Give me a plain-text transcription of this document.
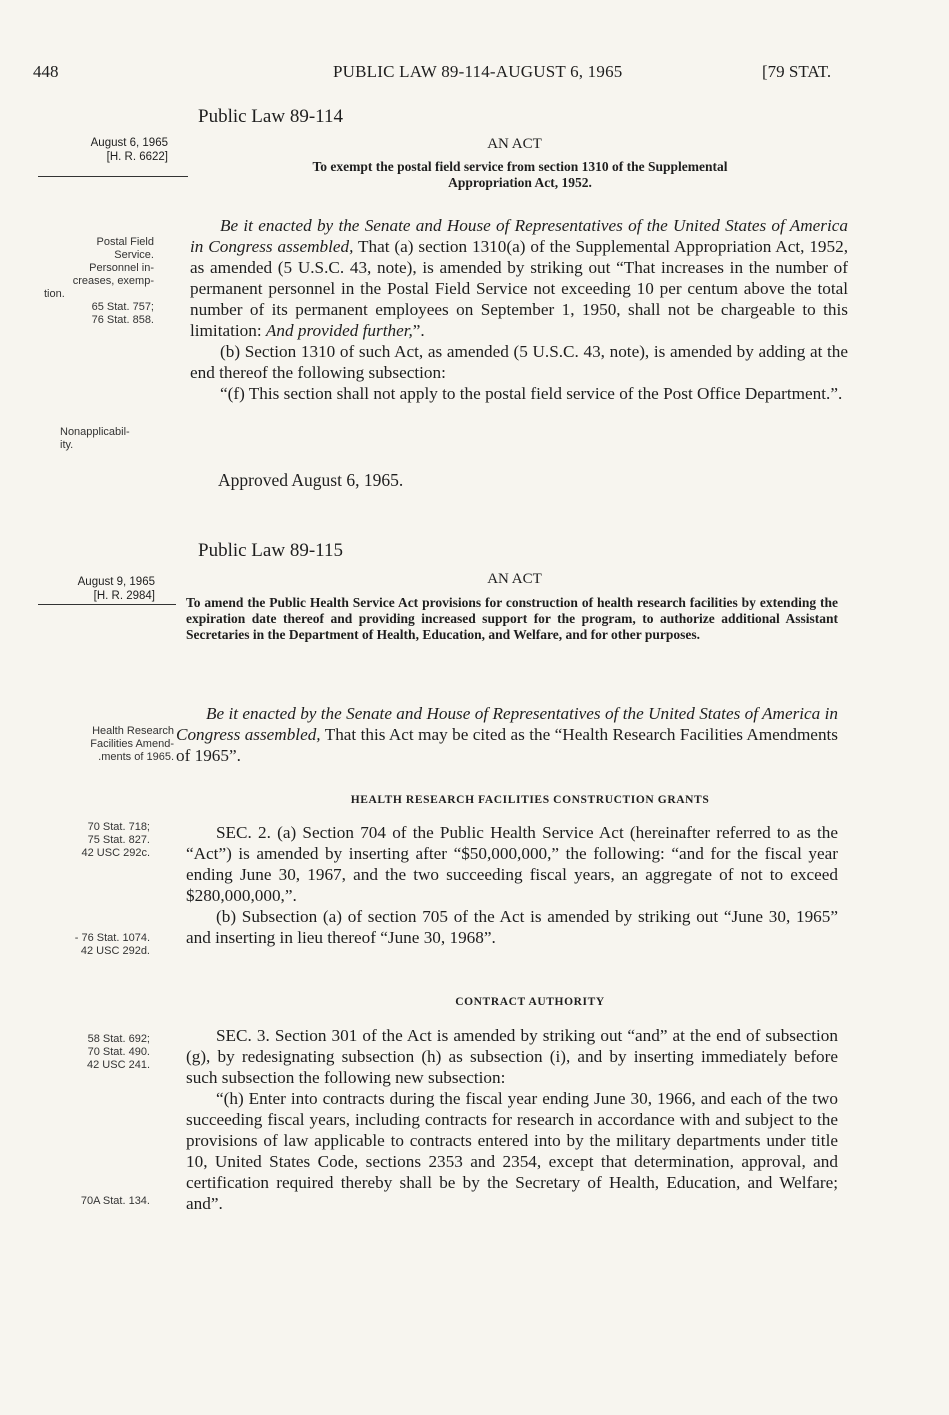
448	PUBLIC LAW 89-114-AUGUST 6, 1965	[79 STAT.
Public Law 89-114
August 6, 1965
[H. R. 6622]
AN ACT
To exempt the postal field service from section 1310 of the Supplemental
Appropriation Act, 1952.
Postal Field
Service.
Personnel in-
creases, exemp-
tion.
65 Stat. 757;
76 Stat. 858.

Be it enacted by the Senate and House of Representatives of the United States of America in Congress assembled, That (a) section 1310(a) of the Supplemental Appropriation Act, 1952, as amended (5 U.S.C. 43, note), is amended by striking out “That increases in the number of permanent personnel in the Postal Field Service not exceeding 10 per centum above the total number of its permanent employees on September 1, 1950, shall not be chargeable to this limitation: And provided further,”.

(b) Section 1310 of such Act, as amended (5 U.S.C. 43, note), is amended by adding at the end thereof the following subsection:

“(f) This section shall not apply to the postal field service of the Post Office Department.”.

Nonapplicabil-
ity.
Approved August 6, 1965.
Public Law 89-115
August 9, 1965
[H. R. 2984]
AN ACT
To amend the Public Health Service Act provisions for construction of health research facilities by extending the expiration date thereof and providing increased support for the program, to authorize additional Assistant Secretaries in the Department of Health, Education, and Welfare, and for other purposes.
Health Research
Facilities Amend-
.ments of 1965.

Be it enacted by the Senate and House of Representatives of the United States of America in Congress assembled, That this Act may be cited as the “Health Research Facilities Amendments of 1965”.

HEALTH RESEARCH FACILITIES CONSTRUCTION GRANTS
70 Stat. 718;
75 Stat. 827.
42 USC 292c.

SEC. 2. (a) Section 704 of the Public Health Service Act (hereinafter referred to as the “Act”) is amended by inserting after “$50,000,000,” the following: “and for the fiscal year ending June 30, 1967, and the two succeeding fiscal years, an aggregate of not to exceed $280,000,000,”.

(b) Subsection (a) of section 705 of the Act is amended by striking out “June 30, 1965” and inserting in lieu thereof “June 30, 1968”.

- 76 Stat. 1074.
42 USC 292d.
CONTRACT AUTHORITY
58 Stat. 692;
70 Stat. 490.
42 USC 241.

SEC. 3. Section 301 of the Act is amended by striking out “and” at the end of subsection (g), by redesignating subsection (h) as subsection (i), and by inserting immediately before such subsection the following new subsection:

“(h) Enter into contracts during the fiscal year ending June 30, 1966, and each of the two succeeding fiscal years, including contracts for research in accordance with and subject to the provisions of law applicable to contracts entered into by the military departments under title 10, United States Code, sections 2353 and 2354, except that determination, approval, and certification required thereby shall be by the Secretary of Health, Education, and Welfare; and”.

70A Stat. 134.
